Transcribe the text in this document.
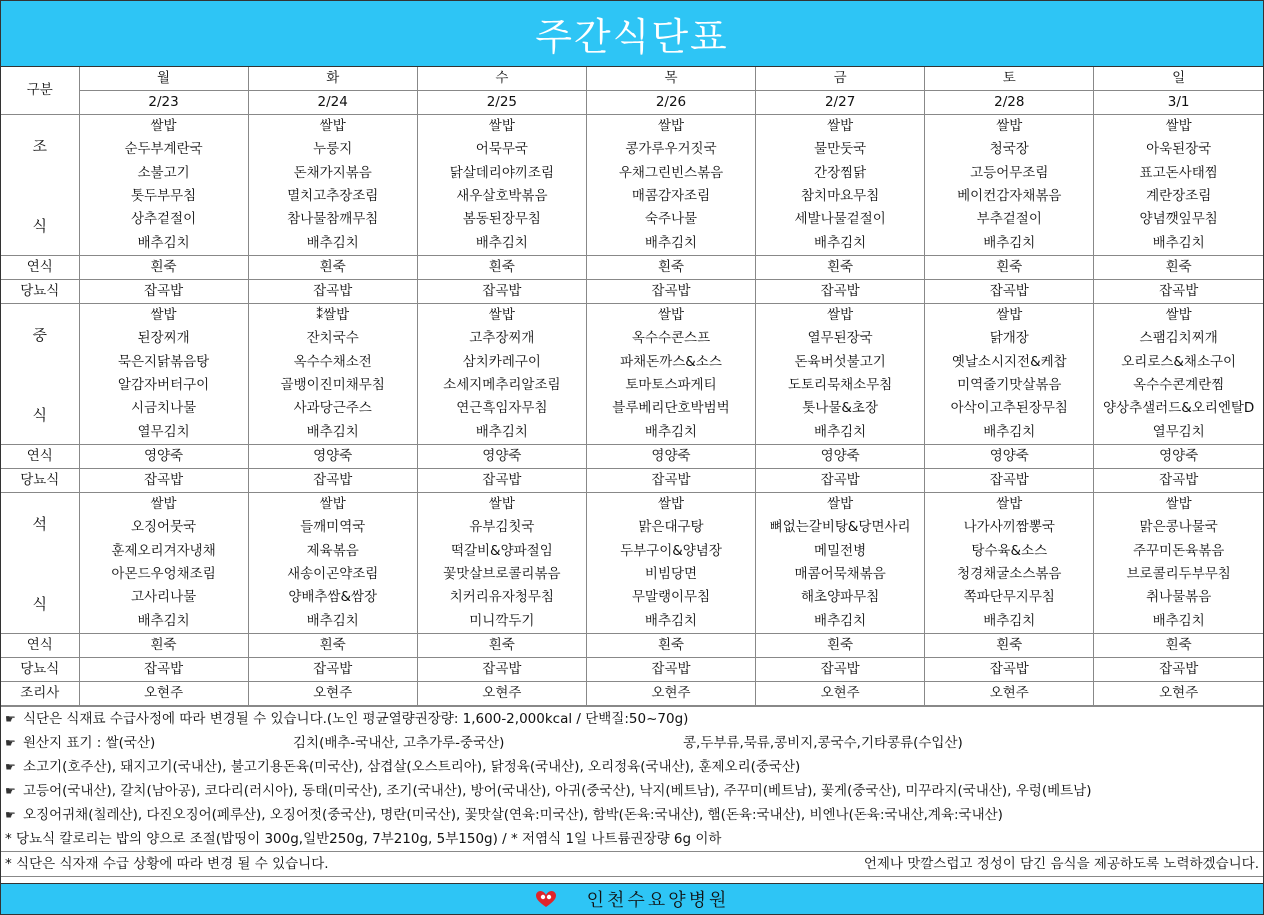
주간식단표
구분	월	화	수	목	금	토	일
	2/23	2/24	2/25	2/26	2/27	2/28	3/1

조
식	쌀밥	쌀밥	쌀밥	쌀밥	쌀밥	쌀밥	쌀밥
	순두부계란국	누룽지	어묵무국	콩가루우거짓국	물만둣국	청국장	아욱된장국
	소불고기	돈채가지볶음	닭살데리야끼조림	우채그린빈스볶음	간장찜닭	고등어무조림	표고돈사태찜
	톳두부무침	멸치고추장조림	새우살호박볶음	매콤감자조림	참치마요무침	베이컨감자채볶음	계란장조림
	상추겉절이	참나물참깨무침	봄동된장무침	숙주나물	세발나물겉절이	부추겉절이	양념깻잎무침
	배추김치	배추김치	배추김치	배추김치	배추김치	배추김치	배추김치
연식	흰죽	흰죽	흰죽	흰죽	흰죽	흰죽	흰죽
당뇨식	잡곡밥	잡곡밥	잡곡밥	잡곡밥	잡곡밥	잡곡밥	잡곡밥

중
식	쌀밥	⁑쌀밥	쌀밥	쌀밥	쌀밥	쌀밥	쌀밥
	된장찌개	잔치국수	고추장찌개	옥수수콘스프	열무된장국	닭개장	스팸김치찌개
	묵은지닭볶음탕	옥수수채소전	삼치카레구이	파채돈까스&소스	돈육버섯불고기	옛날소시지전&케찹	오리로스&채소구이
	알감자버터구이	골뱅이진미채무침	소세지메추리알조림	토마토스파게티	도토리묵채소무침	미역줄기맛살볶음	옥수수콘계란찜
	시금치나물	사과당근주스	연근흑임자무침	블루베리단호박범벅	톳나물&초장	아삭이고추된장무침	양상추샐러드&오리엔탈D
	열무김치	배추김치	배추김치	배추김치	배추김치	배추김치	열무김치
연식	영양죽	영양죽	영양죽	영양죽	영양죽	영양죽	영양죽
당뇨식	잡곡밥	잡곡밥	잡곡밥	잡곡밥	잡곡밥	잡곡밥	잡곡밥

석
식	쌀밥	쌀밥	쌀밥	쌀밥	쌀밥	쌀밥	쌀밥
	오징어뭇국	들깨미역국	유부김칫국	맑은대구탕	뼈없는갈비탕&당면사리	나가사끼짬뽕국	맑은콩나물국
	훈제오리겨자냉채	제육볶음	떡갈비&양파절임	두부구이&양념장	메밀전병	탕수육&소스	주꾸미돈육볶음
	아몬드우엉채조림	새송이곤약조림	꽃맛살브로콜리볶음	비빔당면	매콤어묵채볶음	청경채굴소스볶음	브로콜리두부무침
	고사리나물	양배추쌈&쌈장	치커리유자청무침	무말랭이무침	해초양파무침	쪽파단무지무침	취나물볶음
	배추김치	배추김치	미니깍두기	배추김치	배추김치	배추김치	배추김치
연식	흰죽	흰죽	흰죽	흰죽	흰죽	흰죽	흰죽
당뇨식	잡곡밥	잡곡밥	잡곡밥	잡곡밥	잡곡밥	잡곡밥	잡곡밥
조리사	오현주	오현주	오현주	오현주	오현주	오현주	오현주
☛ 식단은 식재료 수급사정에 따라 변경될 수 있습니다.(노인 평균열량권장량: 1,600-2,000kcal / 단백질:50~70g)
☛ 원산지 표기 : 쌀(국산)	김치(배추-국내산, 고추가루-중국산)	콩,두부류,묵류,콩비지,콩국수,기타콩류(수입산)
☛ 소고기(호주산), 돼지고기(국내산), 불고기용돈육(미국산), 삼겹살(오스트리아), 닭정육(국내산), 오리정육(국내산), 훈제오리(중국산)
☛ 고등어(국내산), 갈치(남아공), 코다리(러시아), 동태(미국산), 조기(국내산), 방어(국내산), 아귀(중국산), 낙지(베트남), 주꾸미(베트남), 꽃게(중국산), 미꾸라지(국내산), 우렁(베트남)
☛ 오징어귀채(칠레산), 다진오징어(페루산), 오징어젓(중국산), 명란(미국산), 꽃맛살(연육:미국산), 함박(돈육:국내산), 햄(돈육:국내산), 비엔나(돈육:국내산,계육:국내산)
* 당뇨식 칼로리는 밥의 양으로 조절(밥띵이 300g,일반250g, 7부210g, 5부150g) / * 저염식 1일 나트륨권장량 6g 이하
* 식단은 식자재 수급 상황에 따라 변경 될 수 있습니다.	언제나 맛깔스럽고 정성이 담긴 음식을 제공하도록 노력하겠습니다.
인천수요양병원
